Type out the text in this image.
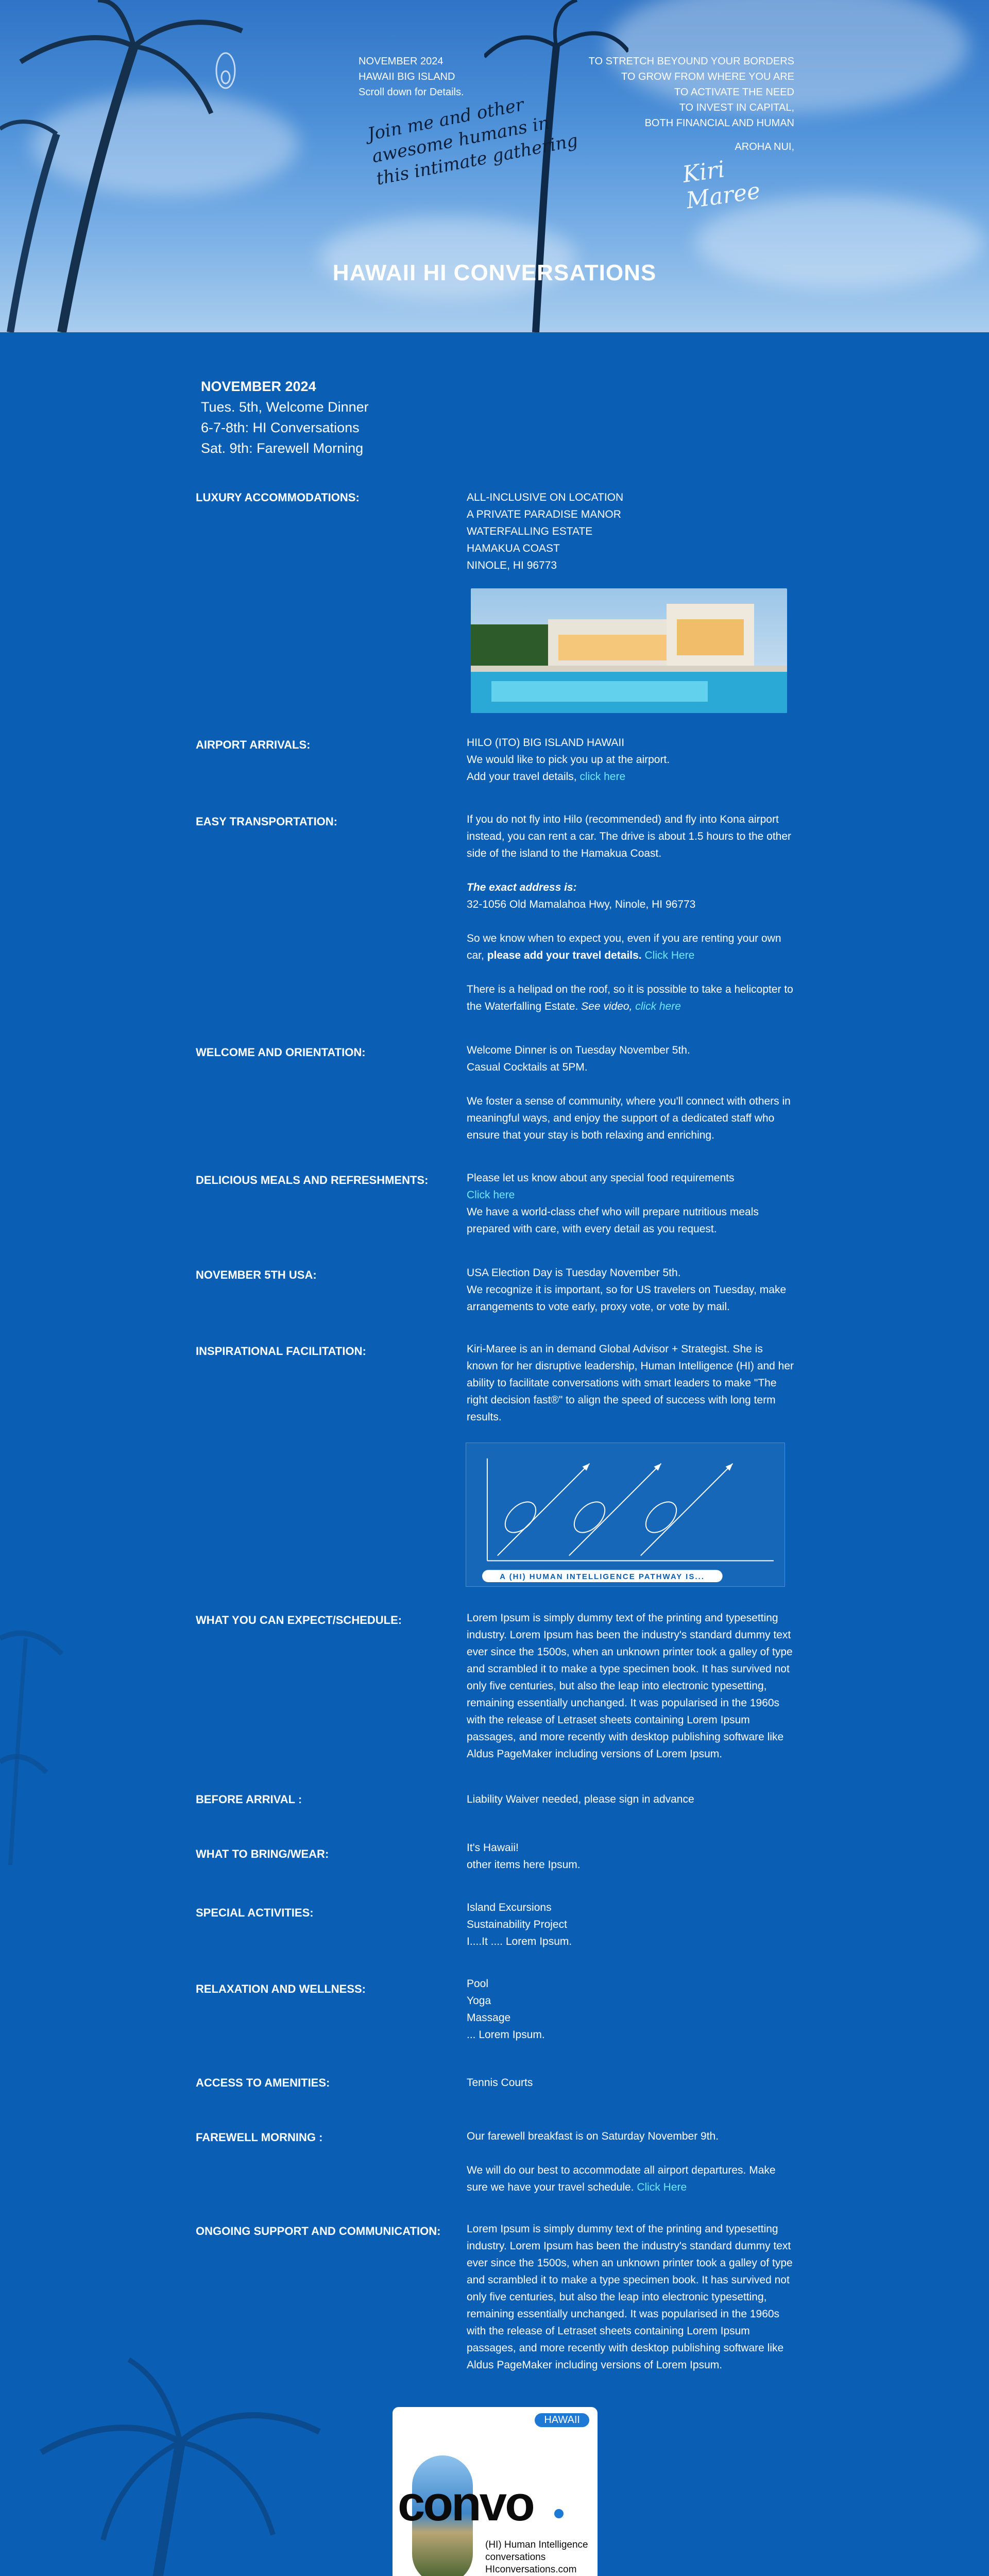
NOVEMBER 2024
HAWAII BIG ISLAND
Scroll down for Details.
TO STRETCH BEYOUND YOUR BORDERS
TO GROW FROM WHERE YOU ARE
TO ACTIVATE THE NEED
TO INVEST IN CAPITAL,
BOTH FINANCIAL AND HUMAN
AROHA NUI,
Join me and other awesome humans in this intimate gathering	Kiri Maree
HAWAII HI CONVERSATIONS
NOVEMBER 2024
Tues. 5th, Welcome Dinner
6-7-8th: HI Conversations
Sat. 9th: Farewell Morning
LUXURY ACCOMMODATIONS:	ALL-INCLUSIVE ON LOCATION
A PRIVATE PARADISE MANOR
WATERFALLING ESTATE
HAMAKUA COAST
NINOLE, HI 96773
AIRPORT ARRIVALS:	HILO (ITO) BIG ISLAND HAWAII
We would like to pick you up at the airport.
Add your travel details, click here
EASY TRANSPORTATION:	If you do not fly into Hilo (recommended) and fly into Kona airport instead, you can rent a car. The drive is about 1.5 hours to the other side of the island to the Hamakua Coast.

The exact address is:
32-1056 Old Mamalahoa Hwy, Ninole, HI 96773

So we know when to expect you, even if you are renting your own car, please add your travel details. Click Here

There is a helipad on the roof, so it is possible to take a helicopter to the Waterfalling Estate. See video, click here

WELCOME AND ORIENTATION:	Welcome Dinner is on Tuesday November 5th.
Casual Cocktails at 5PM.

We foster a sense of community, where you'll connect with others in meaningful ways, and enjoy the support of a dedicated staff who ensure that your stay is both relaxing and enriching.

DELICIOUS MEALS AND REFRESHMENTS:	Please let us know about any special food requirements
Click here
We have a world-class chef who will prepare nutritious meals prepared with care, with every detail as you request.
NOVEMBER 5TH USA:	USA Election Day is Tuesday November 5th.
We recognize it is important, so for US travelers on Tuesday, make arrangements to vote early, proxy vote, or vote by mail.
INSPIRATIONAL FACILITATION:	Kiri-Maree is an in demand Global Advisor + Strategist. She is known for her disruptive leadership, Human Intelligence (HI) and her ability to facilitate conversations with smart leaders to make "The right decision fast®" to align the speed of success with long term results.
A (HI) HUMAN INTELLIGENCE PATHWAY IS...
WHAT YOU CAN EXPECT/SCHEDULE:	Lorem Ipsum is simply dummy text of the printing and typesetting industry. Lorem Ipsum has been the industry's standard dummy text ever since the 1500s, when an unknown printer took a galley of type and scrambled it to make a type specimen book. It has survived not only five centuries, but also the leap into electronic typesetting, remaining essentially unchanged. It was popularised in the 1960s with the release of Letraset sheets containing Lorem Ipsum passages, and more recently with desktop publishing software like Aldus PageMaker including versions of Lorem Ipsum.
BEFORE ARRIVAL :	Liability Waiver needed, please sign in advance
WHAT TO BRING/WEAR:	It's Hawaii!
other items here Ipsum.
SPECIAL ACTIVITIES:	Island Excursions
Sustainability Project
I....It .... Lorem Ipsum.
RELAXATION AND WELLNESS:	Pool
Yoga
Massage
... Lorem Ipsum.
ACCESS TO AMENITIES:	Tennis Courts
FAREWELL MORNING :	Our farewell breakfast is on Saturday November 9th.

We will do our best to accommodate all airport departures. Make sure we have your travel schedule. Click Here

ONGOING SUPPORT AND COMMUNICATION:	Lorem Ipsum is simply dummy text of the printing and typesetting industry. Lorem Ipsum has been the industry's standard dummy text ever since the 1500s, when an unknown printer took a galley of type and scrambled it to make a type specimen book. It has survived not only five centuries, but also the leap into electronic typesetting, remaining essentially unchanged. It was popularised in the 1960s with the release of Letraset sheets containing Lorem Ipsum passages, and more recently with desktop publishing software like Aldus PageMaker including versions of Lorem Ipsum.
HAWAII
convo
(HI) Human Intelligence
conversations
HIconversations.com
